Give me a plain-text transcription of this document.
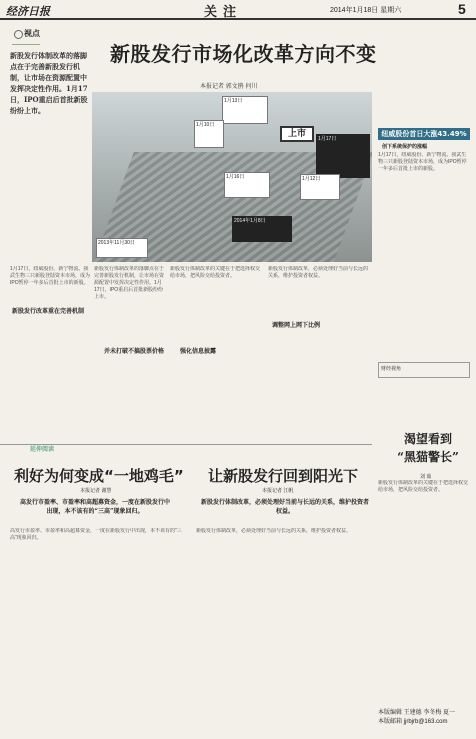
经济日报	关注	2014年1月18日 星期六	5
视点
新股发行体制改革的落脚点在于完善新股发行机制，让市场在资源配置中发挥决定性作用。1月17日，IPO重启后首批新股纷纷上市。
新股发行市场化改革方向不变
本报记者 郭文鹃 何川
1月13日
1月10日
1月17日
1月16日	1月12日
2014年1月8日
2013年11月30日
上市
1月17日，纽威股份、新宁物流、我武生物三只新股登陆资本市场，成为IPO暂停一年多后首批上市的新股。
新股发行改革重在完善机制
新股发行体制改革的落脚点在于完善新股发行机制，让市场在资源配置中发挥决定性作用。1月17日，IPO重启后首批新股纷纷上市。
并未打破不搞股票价格
新股发行体制改革的关键在于把选择权交给市场，把风险交给投资者。
强化信息披露
新股发行体制改革，必须处理好当前与长远的关系，维护投资者权益。
调整网上网下比例
纽威股份首日大涨43.49%
创下系统保护的涨幅
1月17日，纽威股份、新宁物流、我武生物三只新股登陆资本市场，成为IPO暂停一年多后首批上市的新股。
财经视角
渴望看到
“黑猫警长”
刘 茹
新股发行体制改革的关键在于把选择权交给市场，把风险交给投资者。
延伸阅读
利好为何变成“一地鸡毛”
本报记者 谢慧
高发行市盈率、市盈率和高超募资金，一度在新股发行中出现，本不该有的“三高”现象回归。
高发行市盈率、市盈率和高超募资金，一度在新股发行中出现，本不该有的“三高”现象回归。
让新股发行回到阳光下
本报记者 江帆
新股发行体制改革，必须处理好当前与长远的关系，维护投资者权益。
新股发行体制改革，必须处理好当前与长远的关系，维护投资者权益。
本版编辑 王建德 李冬梅 夏一
本版邮箱 jjrbjrb@163.com
